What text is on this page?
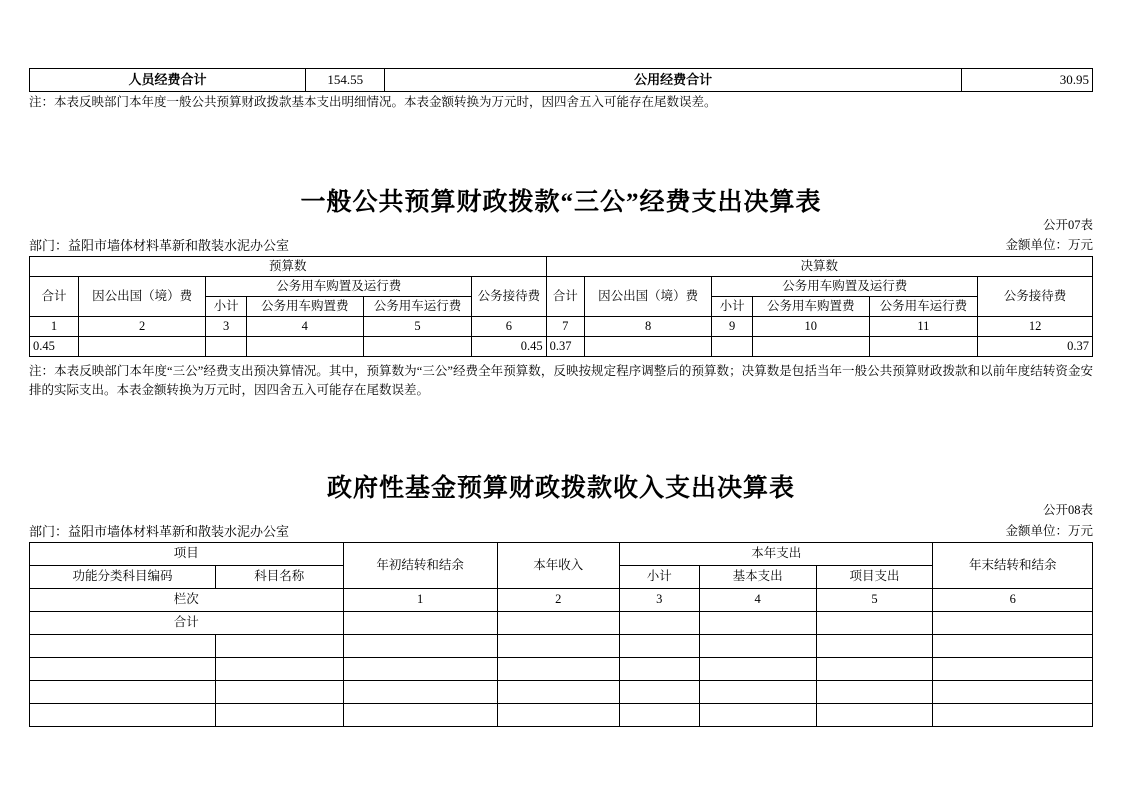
人员经费合计	154.55	公用经费合计	30.95
注：本表反映部门本年度一般公共预算财政拨款基本支出明细情况。本表金额转换为万元时，因四舍五入可能存在尾数误差。
一般公共预算财政拨款“三公”经费支出决算表
公开07表
部门：益阳市墙体材料革新和散装水泥办公室	金额单位：万元
预算数						决算数					
合计	因公出国（境）费	公务用车购置及运行费			公务接待费	合计	因公出国（境）费	公务用车购置及运行费			公务接待费
		小计	公务用车购置费	公务用车运行费				小计	公务用车购置费	公务用车运行费	
1	2	3	4	5	6	7	8	9	10	11	12
0.45					0.45	0.37					0.37
注：本表反映部门本年度“三公”经费支出预决算情况。其中，预算数为“三公”经费全年预算数，反映按规定程序调整后的预算数；决算数是包括当年一般公共预算财政拨款和以前年度结转资金安排的实际支出。本表金额转换为万元时，因四舍五入可能存在尾数误差。
政府性基金预算财政拨款收入支出决算表
公开08表
部门：益阳市墙体材料革新和散装水泥办公室	金额单位：万元
项目		年初结转和结余	本年收入	本年支出			年末结转和结余
功能分类科目编码	科目名称			小计	基本支出	项目支出	
栏次		1	2	3	4	5	6
合计							
